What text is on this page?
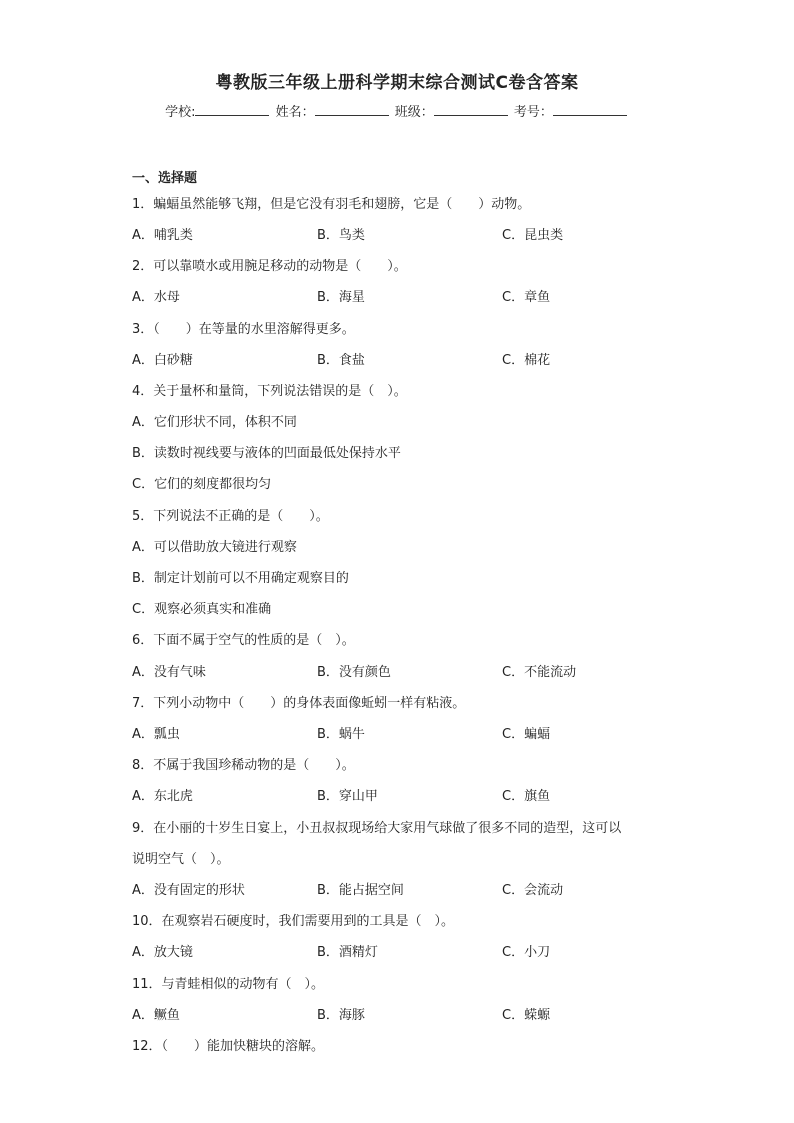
粤教版三年级上册科学期末综合测试C卷含答案
学校:	姓名：	班级：	考号：
一、选择题
1．蝙蝠虽然能够飞翔，但是它没有羽毛和翅膀，它是（　　）动物。
A．哺乳类	B．鸟类	C．昆虫类
2．可以靠喷水或用腕足移动的动物是（　　）。
A．水母	B．海星	C．章鱼
3．（　　）在等量的水里溶解得更多。
A．白砂糖	B．食盐	C．棉花
4．关于量杯和量筒，下列说法错误的是（　）。
A．它们形状不同，体积不同
B．读数时视线要与液体的凹面最低处保持水平
C．它们的刻度都很均匀
5．下列说法不正确的是（　　）。
A．可以借助放大镜进行观察
B．制定计划前可以不用确定观察目的
C．观察必须真实和准确
6．下面不属于空气的性质的是（　）。
A．没有气味	B．没有颜色	C．不能流动
7．下列小动物中（　　）的身体表面像蚯蚓一样有粘液。
A．瓢虫	B．蜗牛	C．蝙蝠
8．不属于我国珍稀动物的是（　　）。
A．东北虎	B．穿山甲	C．旗鱼
9．在小丽的十岁生日宴上，小丑叔叔现场给大家用气球做了很多不同的造型，这可以
说明空气（　）。
A．没有固定的形状	B．能占据空间	C．会流动
10．在观察岩石硬度时，我们需要用到的工具是（　）。
A．放大镜	B．酒精灯	C．小刀
11．与青蛙相似的动物有（　）。
A．鳜鱼	B．海豚	C．蝾螈
12．（　　）能加快糖块的溶解。
